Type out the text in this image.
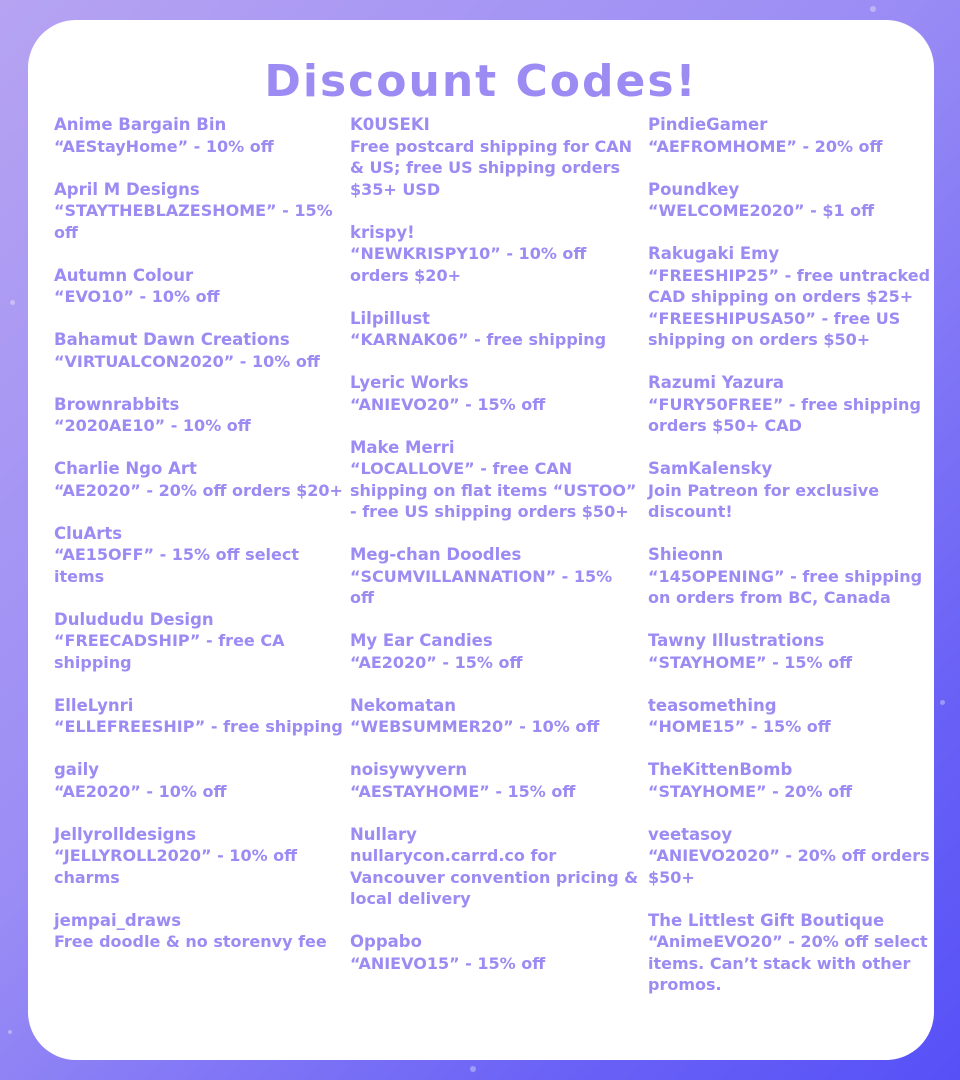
Discount Codes!
Anime Bargain Bin
“AEStayHome” - 10% off
April M Designs
“STAYTHEBLAZESHOME” - 15% off
Autumn Colour
“EVO10” - 10% off
Bahamut Dawn Creations
“VIRTUALCON2020” - 10% off
Brownrabbits
“2020AE10” - 10% off
Charlie Ngo Art
“AE2020” - 20% off orders $20+
CluArts
“AE15OFF” - 15% off select items
Dulududu Design
“FREECADSHIP” - free CA shipping
ElleLynri
“ELLEFREESHIP” - free shipping
gaily
“AE2020” - 10% off
Jellyrolldesigns
“JELLYROLL2020” - 10% off charms
jempai_draws
Free doodle & no storenvy fee
K0USEKI
Free postcard shipping for CAN & US; free US shipping orders $35+ USD
krispy!
“NEWKRISPY10” - 10% off orders $20+
Lilpillust
“KARNAK06” - free shipping
Lyeric Works
“ANIEVO20” - 15% off
Make Merri
“LOCALLOVE” - free CAN shipping on flat items “USTOO” - free US shipping orders $50+
Meg-chan Doodles
“SCUMVILLANNATION” - 15% off
My Ear Candies
“AE2020” - 15% off
Nekomatan
“WEBSUMMER20” - 10% off
noisywyvern
“AESTAYHOME” - 15% off
Nullary
nullarycon.carrd.co for Vancouver convention pricing & local delivery
Oppabo
“ANIEVO15” - 15% off
PindieGamer
“AEFROMHOME” - 20% off
Poundkey
“WELCOME2020” - $1 off
Rakugaki Emy
“FREESHIP25” - free untracked CAD shipping on orders $25+ “FREESHIPUSA50” - free US shipping on orders $50+
Razumi Yazura
“FURY50FREE” - free shipping orders $50+ CAD
SamKalensky
Join Patreon for exclusive discount!
Shieonn
“145OPENING” - free shipping on orders from BC, Canada
Tawny Illustrations
“STAYHOME” - 15% off
teasomething
“HOME15” - 15% off
TheKittenBomb
“STAYHOME” - 20% off
veetasoy
“ANIEVO2020” - 20% off orders $50+
The Littlest Gift Boutique
“AnimeEVO20” - 20% off select items. Can’t stack with other promos.
